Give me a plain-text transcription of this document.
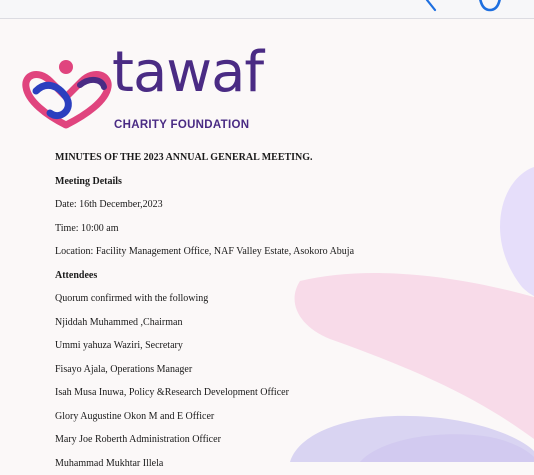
tawaf
CHARITY FOUNDATION
MINUTES OF THE 2023 ANNUAL GENERAL MEETING.
Meeting Details
Date: 16th December,2023
Time: 10:00 am
Location: Facility Management Office, NAF Valley Estate, Asokoro Abuja
Attendees
Quorum confirmed with the following
Njiddah Muhammed ,Chairman
Ummi yahuza Waziri, Secretary
Fisayo Ajala, Operations Manager
Isah Musa Inuwa, Policy &Research Development Officer
Glory Augustine Okon M and E Officer
Mary Joe Roberth Administration Officer
Muhammad Mukhtar Illela
